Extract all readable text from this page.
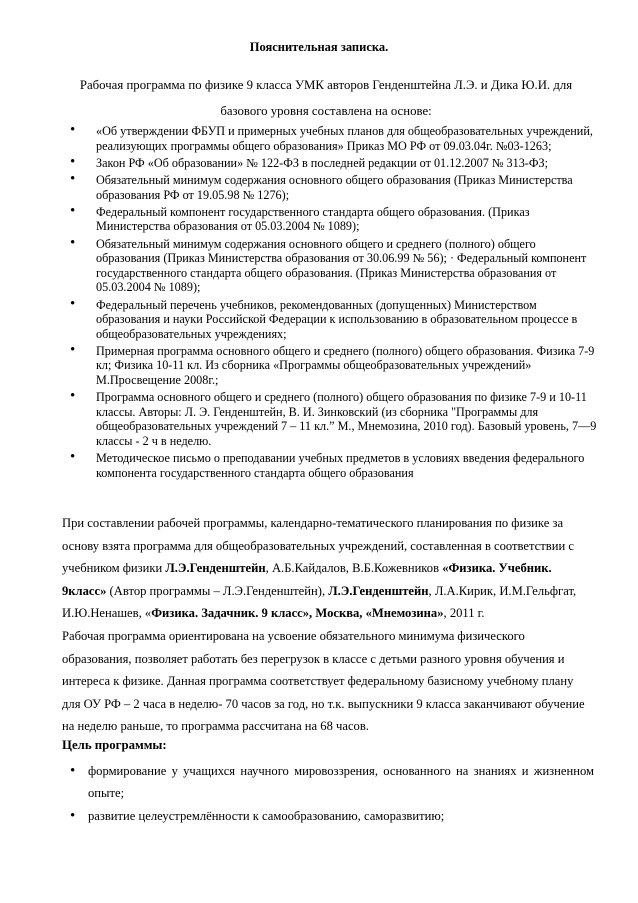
Пояснительная записка.
Рабочая программа по физике 9 класса УМК авторов Генденштейна Л.Э. и Дика Ю.И. для базового уровня составлена на основе:
• «Об утверждении ФБУП и примерных учебных планов для общеобразовательных учреждений, реализующих программы общего образования» Приказ МО РФ от 09.03.04г. №03-1263;
• Закон РФ «Об образовании» № 122-ФЗ в последней редакции от 01.12.2007 № 313-ФЗ;
• Обязательный минимум содержания основного общего образования (Приказ Министерства образования РФ от 19.05.98 № 1276);
• Федеральный компонент государственного стандарта общего образования. (Приказ Министерства образования от 05.03.2004 № 1089);
• Обязательный минимум содержания основного общего и среднего (полного) общего образования (Приказ Министерства образования от 30.06.99 № 56); · Федеральный компонент государственного стандарта общего образования. (Приказ Министерства образования от 05.03.2004 № 1089);
• Федеральный перечень учебников, рекомендованных (допущенных) Министерством образования и науки Российской Федерации к использованию в образовательном процессе в общеобразовательных учреждениях;
• Примерная программа основного общего и среднего (полного) общего образования. Физика 7-9 кл; Физика 10-11 кл. Из сборника «Программы общеобразовательных учреждений» М.Просвещение 2008г.;
• Программа основного общего и среднего (полного) общего образования по физике 7-9 и 10-11 классы. Авторы: Л. Э. Генденштейн, В. И. Зинковский (из сборника "Программы для общеобразовательных учреждений 7 – 11 кл.” М., Мнемозина, 2010 год). Базовый уровень, 7—9 классы - 2 ч в неделю.
• Методическое письмо о преподавании учебных предметов в условиях введения федерального компонента государственного стандарта общего образования

При составлении рабочей программы, календарно-тематического планирования по физике за основу взята программа для общеобразовательных учреждений, составленная в соответствии с учебником физики Л.Э.Генденштейн, А.Б.Кайдалов, В.Б.Кожевников «Физика. Учебник. 9класс» (Автор программы – Л.Э.Генденштейн), Л.Э.Генденштейн, Л.А.Кирик, И.М.Гельфгат, И.Ю.Ненашев, «Физика. Задачник. 9 класс», Москва, «Мнемозина», 2011 г.

Рабочая программа ориентирована на усвоение обязательного минимума физического образования, позволяет работать без перегрузок в классе с детьми разного уровня обучения и интереса к физике. Данная программа соответствует федеральному базисному учебному плану для ОУ РФ – 2 часа в неделю- 70 часов за год, но т.к. выпускники 9 класса заканчивают обучение на неделю раньше, то программа рассчитана на 68 часов.

Цель программы:
• формирование у учащихся научного мировоззрения, основанного на знаниях и жизненном опыте;
• развитие целеустремлённости к самообразованию, саморазвитию;
